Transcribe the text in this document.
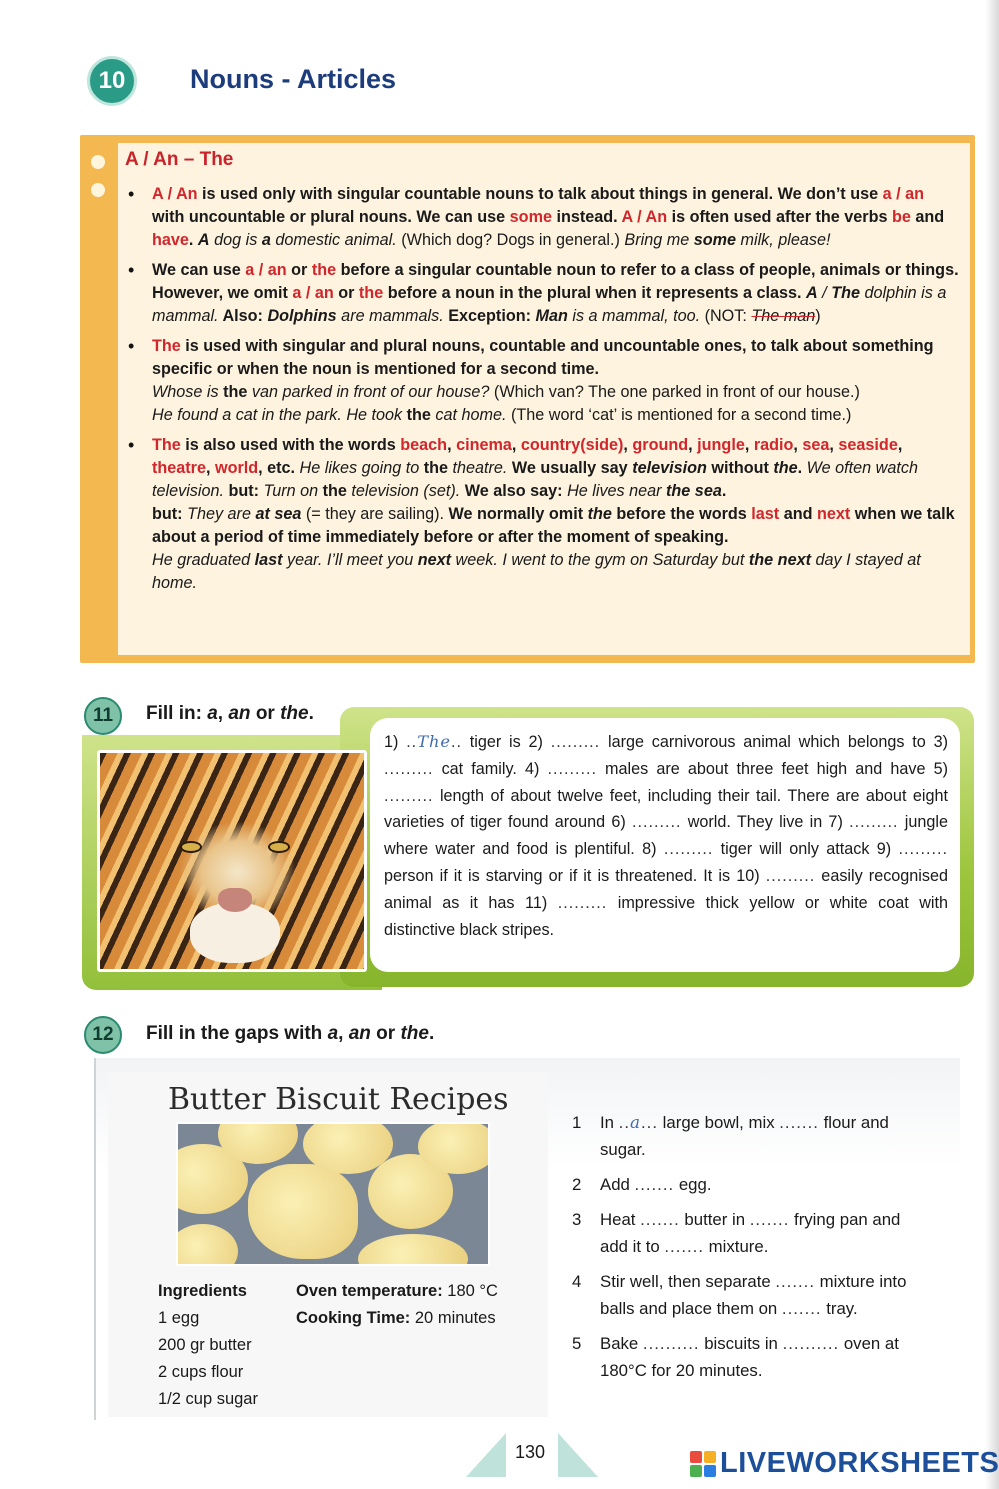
10 Nouns - Articles
A / An – The
• A / An is used only with singular countable nouns to talk about things in general. We don’t use a / an with uncountable or plural nouns. We can use some instead. A / An is often used after the verbs be and have. A dog is a domestic animal. (Which dog? Dogs in general.) Bring me some milk, please!
• We can use a / an or the before a singular countable noun to refer to a class of people, animals or things. However, we omit a / an or the before a noun in the plural when it represents a class. A / The dolphin is a mammal. Also: Dolphins are mammals. Exception: Man is a mammal, too. (NOT: The man)
• The is used with singular and plural nouns, countable and uncountable ones, to talk about something specific or when the noun is mentioned for a second time.
Whose is the van parked in front of our house? (Which van? The one parked in front of our house.)
He found a cat in the park. He took the cat home. (The word ‘cat’ is mentioned for a second time.)
• The is also used with the words beach, cinema, country(side), ground, jungle, radio, sea, seaside, theatre, world, etc. He likes going to the theatre. We usually say television without the. We often watch television. but: Turn on the television (set). We also say: He lives near the sea.
but: They are at sea (= they are sailing). We normally omit the before the words last and next when we talk about a period of time immediately before or after the moment of speaking.
He graduated last year. I’ll meet you next week. I went to the gym on Saturday but the next day I stayed at home.
11 Fill in: a, an or the.
1) ..The.. tiger is 2) ......... large carnivorous animal which belongs to 3) ......... cat family. 4) ......... males are about three feet high and have 5) ......... length of about twelve feet, including their tail. There are about eight varieties of tiger found around 6) ......... world. They live in 7) ......... jungle where water and food is plentiful. 8) ......... tiger will only attack 9) ......... person if it is starving or if it is threatened. It is 10) ......... easily recognised animal as it has 11) ......... impressive thick yellow or white coat with distinctive black stripes.
12 Fill in the gaps with a, an or the.
Butter Biscuit Recipes
Ingredients
1 egg
200 gr butter
2 cups flour
1/2 cup sugar
Oven temperature: 180 °C
Cooking Time: 20 minutes
1 In ..a... large bowl, mix ....... flour and sugar.
2 Add ....... egg.
3 Heat ....... butter in ....... frying pan and add it to ....... mixture.
4 Stir well, then separate ....... mixture into balls and place them on ....... tray.
5 Bake .......... biscuits in .......... oven at 180°C for 20 minutes.
130	LIVEWORKSHEETS
